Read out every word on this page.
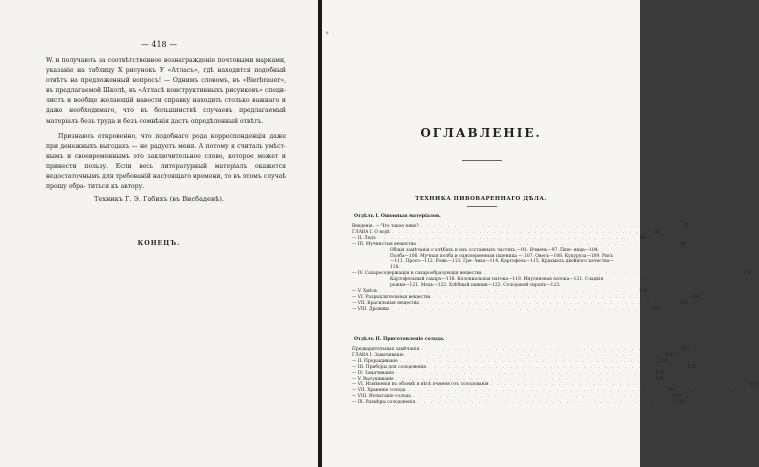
— 418 —
W. и получають за соотвѣтственное вознагражденіе почтовыми марками, указаніе на таблицу X рисунокъ У «Атласъ», гдѣ находится подобный отвѣтъ на предложенный вопросъ! — Однимъ словомъ, въ «Bierbrauer», въ предлагаемой Школѣ, въ «Атласѣ конструктивныхъ рисунковъ» специ- листъ и вообще желающій навести справку находить столько важнаго и даже необходимаго, что въ большинствѣ случаевъ предлагаемый матеріалъ безъ труда и безъ сомнѣнія дастъ опредѣленный отвѣтъ.
Признаюсь откровенно, что подобнаго рода корреспонденція даже при денежныхъ выгодахъ — не радуетъ меня. А потому я считаль умѣст- нымъ и своевременнымъ это заключительное слово, которое может и принести пользу. Если весь литературный матеріалъ окажется недостаточнымъ для требованій настоящаго времени, то въ этомъ случаѣ прошу обра- титься къ автору.
Техникъ Г. Э. Габихъ (въ Висбаденѣ).
КОНЕЦЪ.
8
ОГЛАВЛЕНІЕ.
ТЕХНИКА ПИВОВАРЕННАГО ДѢЛА.
Отдѣлъ I. Ошовныя матеріалов.
Введеніе. — Что такое пиво? . . . . . . . . . . . . . . . . . . . . . . . . . . . . . . . . . . . . .	75
ГЛАВА I. О водѣ . . . . . . . . . . . . . . . . . . . . . . . . . . . . . . . . . . . . .	82
— II. Ледъ . . . . . . . . . . . . . . . . . . . . . . . . . . . . . . . . . . . . .	88
— III. Мучнистыя вещества . . . . . . . . . . . . . . . . . . . . . . . . . . . . . . . . . . . . .	90
Общія замѣчанія о хлѣбахъ и ихъ составныхъ частяхъ.—91. Ячмень—97. Пше- ница—104. Полба—106. Мучная полба и однозерненная пшеница — 107. Овесъ—108. Кукуруза—109. Рисъ—111. Просо—112. Рожь—113. Гре- чиха—114. Картофель—115. Крахмалъ двойного качества—118.
— IV. Сахаросодержащія и сахарообразующія вещества . . . . . . . . . . . . . . . . . . . . . . . . . . . . . . . . . . . . .	118
Картофельный сахаръ—118. Колониальная патока—119. Инуляновая патока—121. Сладкія рожки—121. Медъ—122. Хлѣбный пивник—122. Солодовой сиропъ—123.
— V. Хмѣль . . . . . . . . . . . . . . . . . . . . . . . . . . . . . . . . . . . . .	124
— VI. Разрыхлительныя вещества . . . . . . . . . . . . . . . . . . . . . . . . . . . . . . . . . . . . .	140
— VII. Красильныя вещества . . . . . . . . . . . . . . . . . . . . . . . . . . . . . . . . . . . . .	141
— VIII. Дрожжи . . . . . . . . . . . . . . . . . . . . . . . . . . . . . . . . . . . . .	143
Отдѣлъ II. Приготовленіе солода.
Предварительныя замѣчанія . . . . . . . . . . . . . . . . . . . . . . . . . . . . . . . . . . . . .	145
ГЛАВА I. Замачиваніе . . . . . . . . . . . . . . . . . . . . . . . . . . . . . . . . . . . . .	146
— II. Проращиваніе . . . . . . . . . . . . . . . . . . . . . . . . . . . . . . . . . . . . .	155
— III. Приборы для солодовенія . . . . . . . . . . . . . . . . . . . . . . . . . . . . . . . . . . . . .	172
— IV. Замачиваніе . . . . . . . . . . . . . . . . . . . . . . . . . . . . . . . . . . . . .	178
— V. Высушиваніе . . . . . . . . . . . . . . . . . . . . . . . . . . . . . . . . . . . . .	180
— VI. Измѣненія въ объемѣ и вѣсѣ ячменя отъ солодованія . . . . . . . . . . . . . . . . . . . . . . . . . . . . . . . . . . . . .	191
— VII. Храненіе солода . . . . . . . . . . . . . . . . . . . . . . . . . . . . . . . . . . . . .	194
— VIII. Испытаніе солода . . . . . . . . . . . . . . . . . . . . . . . . . . . . . . . . . . . . .	198
— IX. Размѣры солодовенія . . . . . . . . . . . . . . . . . . . . . . . . . . . . . . . . . . . . .	199
